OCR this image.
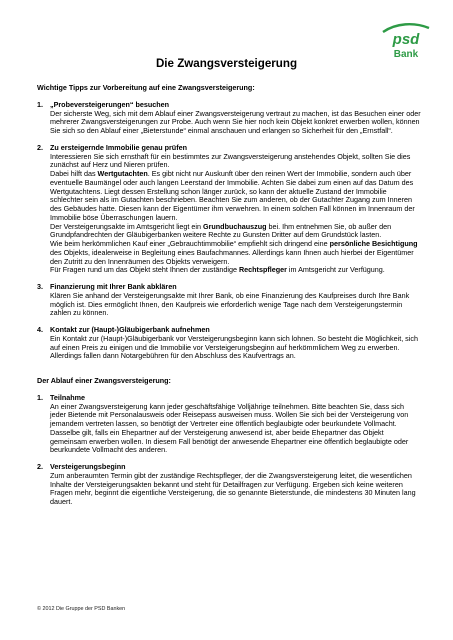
psd
Bank
Die Zwangsversteigerung
Wichtige Tipps zur Vorbereitung auf eine Zwangsversteigerung:
1. „Probeversteigerungen“ besuchen

Der sicherste Weg, sich mit dem Ablauf einer Zwangsversteigerung vertraut zu machen, ist das Besuchen einer oder mehrerer Zwangsversteigerungen zur Probe. Auch wenn Sie hier noch kein Objekt konkret erwerben wollen, können Sie sich so den Ablauf einer „Bieterstunde“ einmal anschauen und erlangen so Sicherheit für den „Ernstfall“.

2. Zu ersteigernde Immobilie genau prüfen

Interessieren Sie sich ernsthaft für ein bestimmtes zur Zwangsversteigerung anstehendes Objekt, sollten Sie dies zunächst auf Herz und Nieren prüfen.

Dabei hilft das Wertgutachten. Es gibt nicht nur Auskunft über den reinen Wert der Immobilie, sondern auch über eventuelle Baumängel oder auch langen Leerstand der Immobilie. Achten Sie dabei zum einen auf das Datum des Wertgutachtens. Liegt dessen Erstellung schon länger zurück, so kann der aktuelle Zustand der Immobilie schlechter sein als im Gutachten beschrieben. Beachten Sie zum anderen, ob der Gutachter Zugang zum Inneren des Gebäudes hatte. Diesen kann der Eigentümer ihm verwehren. In einem solchen Fall können im Innenraum der Immobilie böse Überraschungen lauern.

Der Versteigerungsakte im Amtsgericht liegt ein Grundbuchauszug bei. Ihm entnehmen Sie, ob außer den Grundpfandrechten der Gläubigerbanken weitere Rechte zu Gunsten Dritter auf dem Grundstück lasten.

Wie beim herkömmlichen Kauf einer „Gebrauchtimmobilie“ empfiehlt sich dringend eine persönliche Besichtigung des Objekts, idealerweise in Begleitung eines Baufachmannes. Allerdings kann Ihnen auch hierbei der Eigentümer den Zutritt zu den Innenräumen des Objekts verweigern.

Für Fragen rund um das Objekt steht Ihnen der zuständige Rechtspfleger im Amtsgericht zur Verfügung.

3. Finanzierung mit Ihrer Bank abklären

Klären Sie anhand der Versteigerungsakte mit Ihrer Bank, ob eine Finanzierung des Kaufpreises durch Ihre Bank möglich ist. Dies ermöglicht Ihnen, den Kaufpreis wie erforderlich wenige Tage nach dem Versteigerungstermin zahlen zu können.

4. Kontakt zur (Haupt-)Gläubigerbank aufnehmen

Ein Kontakt zur (Haupt-)Gläubigerbank vor Versteigerungsbeginn kann sich lohnen. So besteht die Möglichkeit, sich auf einen Preis zu einigen und die Immobilie vor Versteigerungsbeginn auf herkömmlichem Weg zu erwerben. Allerdings fallen dann Notargebühren für den Abschluss des Kaufvertrags an.

Der Ablauf einer Zwangsversteigerung:
1. Teilnahme

An einer Zwangsversteigerung kann jeder geschäftsfähige Volljährige teilnehmen. Bitte beachten Sie, dass sich jeder Bietende mit Personalausweis oder Reisepass ausweisen muss. Wollen Sie sich bei der Versteigerung von jemandem vertreten lassen, so benötigt der Vertreter eine öffentlich beglaubigte oder beurkundete Vollmacht. Dasselbe gilt, falls ein Ehepartner auf der Versteigerung anwesend ist, aber beide Ehepartner das Objekt gemeinsam erwerben wollen. In diesem Fall benötigt der anwesende Ehepartner eine öffentlich beglaubigte oder beurkundete Vollmacht des anderen.

2. Versteigerungsbeginn

Zum anberaumten Termin gibt der zuständige Rechtspfleger, der die Zwangsversteigerung leitet, die wesentlichen Inhalte der Versteigerungsakten bekannt und steht für Detailfragen zur Verfügung. Ergeben sich keine weiteren Fragen mehr, beginnt die eigentliche Versteigerung, die so genannte Bieterstunde, die mindestens 30 Minuten lang dauert.

© 2012 Die Gruppe der PSD Banken
